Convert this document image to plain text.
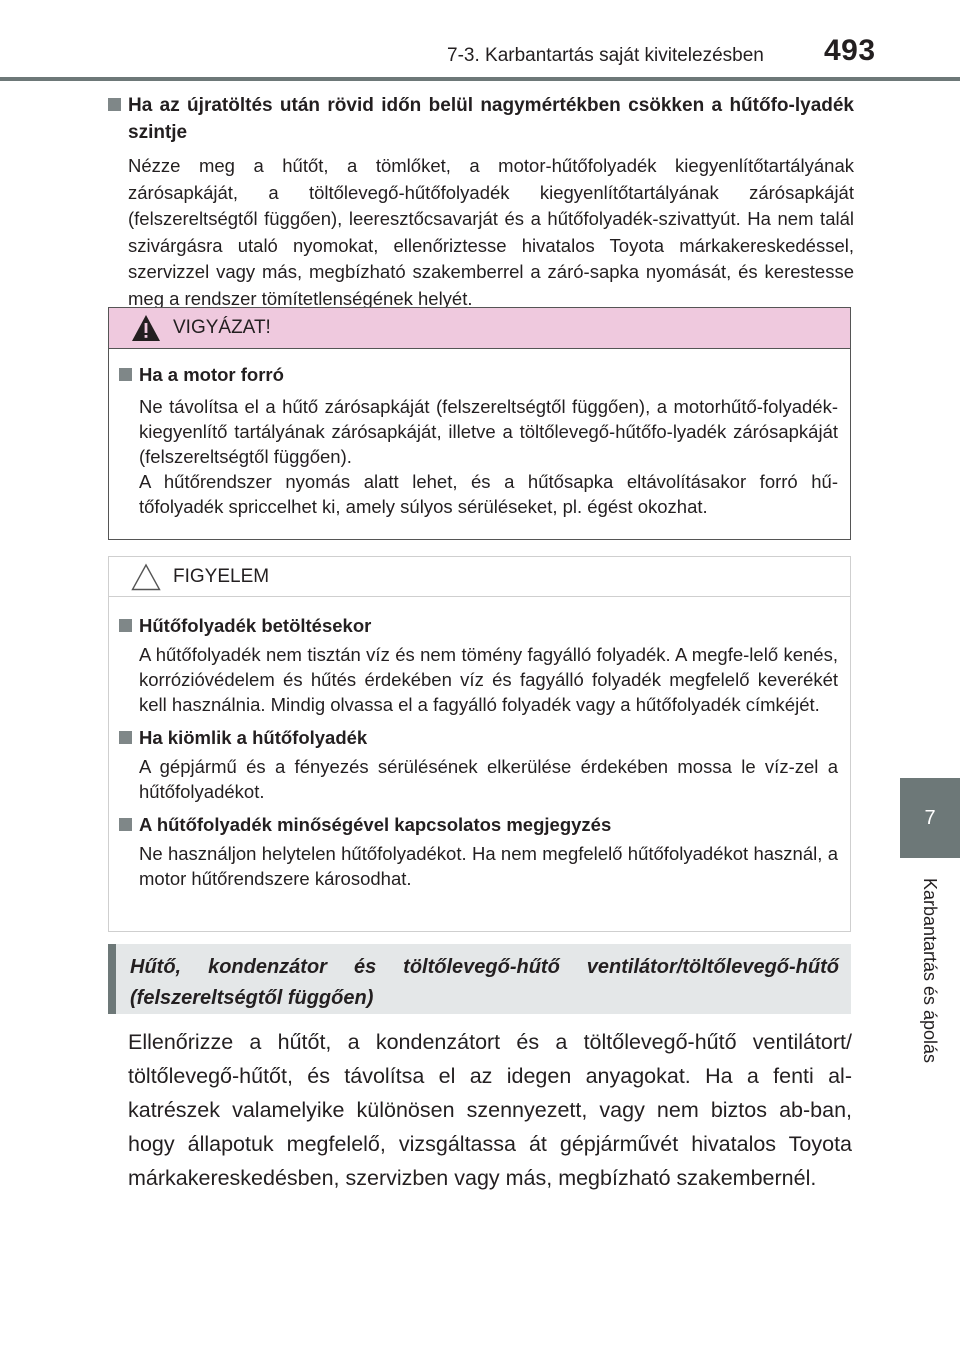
7-3. Karbantartás saját kivitelezésben	493
7
Karbantartás és ápolás
Ha az újratöltés után rövid időn belül nagymértékben csökken a hűtőfo-lyadék szintje
Nézze meg a hűtőt, a tömlőket, a motor-hűtőfolyadék kiegyenlítőtartályának zárósapkáját, a töltőlevegő-hűtőfolyadék kiegyenlítőtartályának zárósapkáját (felszereltségtől függően), leeresztőcsavarját és a hűtőfolyadék-szivattyút. Ha nem talál szivárgásra utaló nyomokat, ellenőriztesse hivatalos Toyota márkakereskedéssel, szervizzel vagy más, megbízható szakemberrel a záró-sapka nyomását, és kerestesse meg a rendszer tömítetlenségének helyét.
VIGYÁZAT!
Ha a motor forró
Ne távolítsa el a hűtő zárósapkáját (felszereltségtől függően), a motorhűtő-folyadék-kiegyenlítő tartályának zárósapkáját, illetve a töltőlevegő-hűtőfo-lyadék zárósapkáját (felszereltségtől függően).
A hűtőrendszer nyomás alatt lehet, és a hűtősapka eltávolításakor forró hű-tőfolyadék spriccelhet ki, amely súlyos sérüléseket, pl. égést okozhat.
FIGYELEM
Hűtőfolyadék betöltésekor
A hűtőfolyadék nem tisztán víz és nem tömény fagyálló folyadék. A megfe-lelő kenés, korrózióvédelem és hűtés érdekében víz és fagyálló folyadék megfelelő keverékét kell használnia. Mindig olvassa el a fagyálló folyadék vagy a hűtőfolyadék címkéjét.
Ha kiömlik a hűtőfolyadék
A gépjármű és a fényezés sérülésének elkerülése érdekében mossa le víz-zel a hűtőfolyadékot.
A hűtőfolyadék minőségével kapcsolatos megjegyzés
Ne használjon helytelen hűtőfolyadékot. Ha nem megfelelő hűtőfolyadékot használ, a motor hűtőrendszere károsodhat.
Hűtő, kondenzátor és töltőlevegő-hűtő ventilátor/töltőlevegő-hűtő (felszereltségtől függően)
Ellenőrizze a hűtőt, a kondenzátort és a töltőlevegő-hűtő ventilátort/ töltőlevegő-hűtőt, és távolítsa el az idegen anyagokat. Ha a fenti al-katrészek valamelyike különösen szennyezett, vagy nem biztos ab-ban, hogy állapotuk megfelelő, vizsgáltassa át gépjárművét hivatalos Toyota márkakereskedésben, szervizben vagy más, megbízható szakembernél.
